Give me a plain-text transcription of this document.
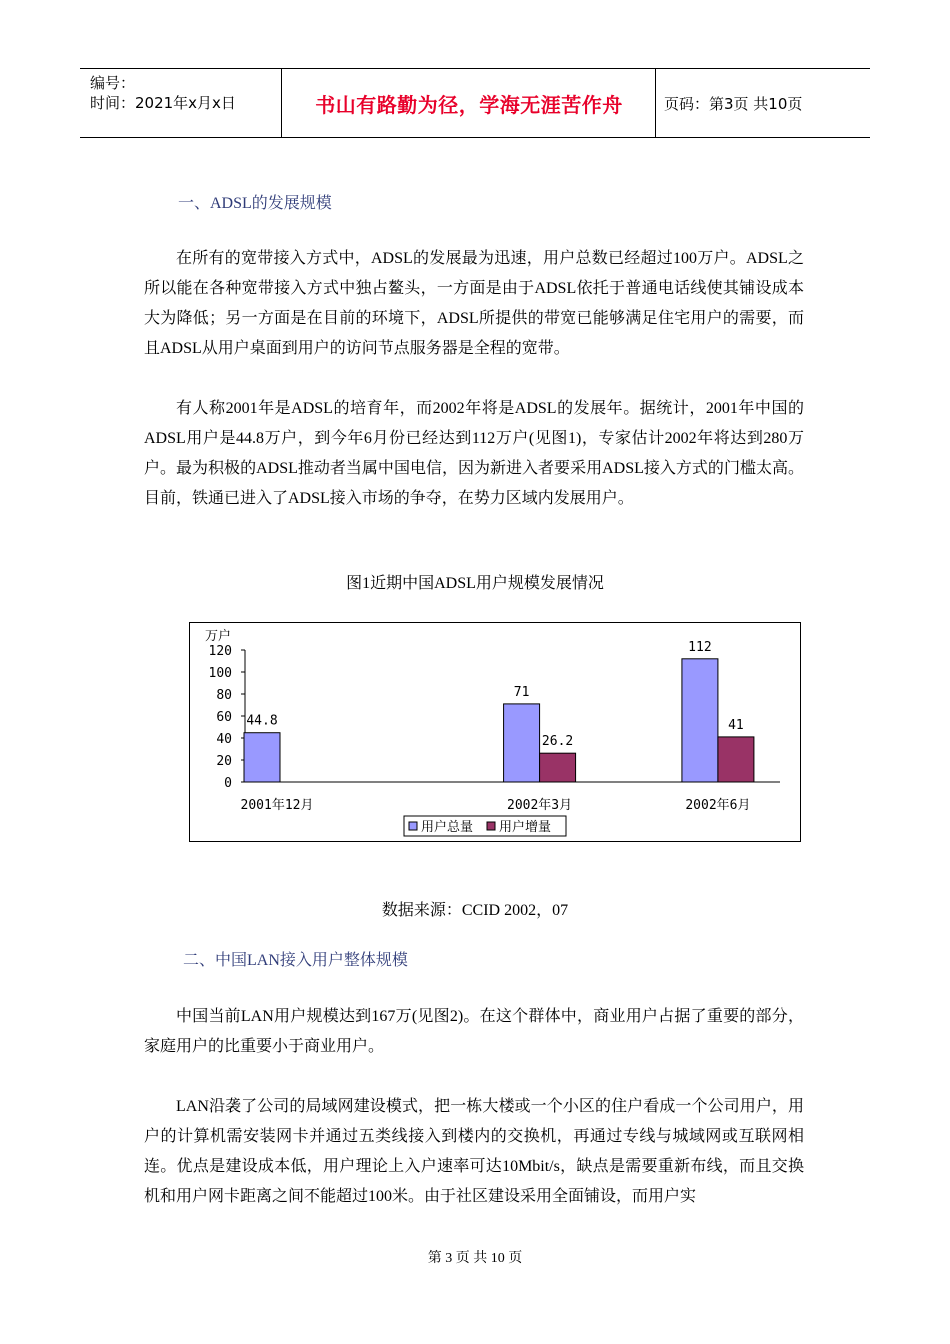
编号：
时间：2021年x月x日	书山有路勤为径，学海无涯苦作舟	页码：第3页 共10页
一、ADSL的发展规模

在所有的宽带接入方式中，ADSL的发展最为迅速，用户总数已经超过100万户。ADSL之所以能在各种宽带接入方式中独占鳌头，一方面是由于ADSL依托于普通电话线使其铺设成本大为降低；另一方面是在目前的环境下，ADSL所提供的带宽已能够满足住宅用户的需要，而且ADSL从用户桌面到用户的访问节点服务器是全程的宽带。

有人称2001年是ADSL的培育年，而2002年将是ADSL的发展年。据统计，2001年中国的ADSL用户是44.8万户，到今年6月份已经达到112万户(见图1)，专家估计2002年将达到280万户。最为积极的ADSL推动者当属中国电信，因为新进入者要采用ADSL接入方式的门槛太高。目前，铁通已进入了ADSL接入市场的争夺，在势力区域内发展用户。

图1近期中国ADSL用户规模发展情况
万户
0
20
40
60
80
100
120
44.8
2001年12月
71
26.2
2002年3月
112
41
2002年6月
用户总量 用户增量
数据来源：CCID 2002，07
二、中国LAN接入用户整体规模

中国当前LAN用户规模达到167万(见图2)。在这个群体中，商业用户占据了重要的部分，家庭用户的比重要小于商业用户。

LAN沿袭了公司的局域网建设模式，把一栋大楼或一个小区的住户看成一个公司用户，用户的计算机需安装网卡并通过五类线接入到楼内的交换机，再通过专线与城域网或互联网相连。优点是建设成本低，用户理论上入户速率可达10Mbit/s，缺点是需要重新布线，而且交换机和用户网卡距离之间不能超过100米。由于社区建设采用全面铺设，而用户实

第 3 页 共 10 页
